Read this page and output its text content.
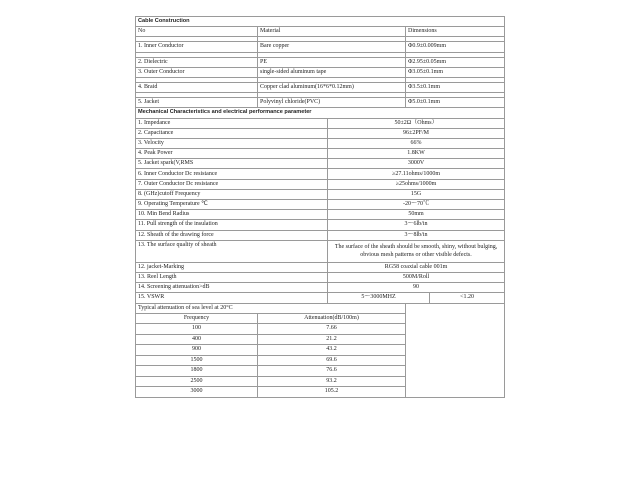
Cable Construction				
No	Material		Dimensions	

1. Inner Conductor	Bare copper		Φ0.9±0.009mm	

2. Dielectric	PE		Φ2.95±0.05mm	
3. Outer Conductor	single-sided aluminum tape		Φ3.05±0.1mm	

4. Braid	Copper clad aluminum(16*6*0.12mm)		Φ3.5±0.1mm	

5. Jacket	Polyvinyl chloride(PVC)		Φ5.0±0.1mm	
Mechanical Characteristics and electrical performance parameter				
1. Impedance		50±2Ω（Ohms）		
2. Capacitance		96±2PF/M		
3. Velocity		66%		
4. Peak Power		1.8KW		
5. Jacket spark(V,RMS		3000V		
6. Inner Conductor Dc resistance		≥27.11ohms/1000m		
7. Outer Conductor Dc resistance		≥25ohms/1000m		
8. (GHz)cutoff Frequency		15G		
9. Operating Temperature ℃		-20～70℃		
10. Min Bend Radius		50mm		
11. Pull strength of the insulation		3～6lb/in		
12. Sheath of the drawing force		3～8lb/in		
13. The surface quality of sheath		The surface of the sheath should be smooth, shiny, without bulging,
obvious mesh patterns or other visible defects.		

12. jacket-Marking		RG58 coaxial cable 001m		
13. Reel Length		500M/Roll		
14. Screening attenuation>dB		90		
15. VSWR		5～3000MHZ		<1.20
Typical attenuation of sea level at 20°C				
Frequency	Attenuation(dB/100m)			
100	7.66			
400	21.2			
900	43.2			
1500	69.6			
1800	76.6			
2500	93.2			
3000	105.2			
